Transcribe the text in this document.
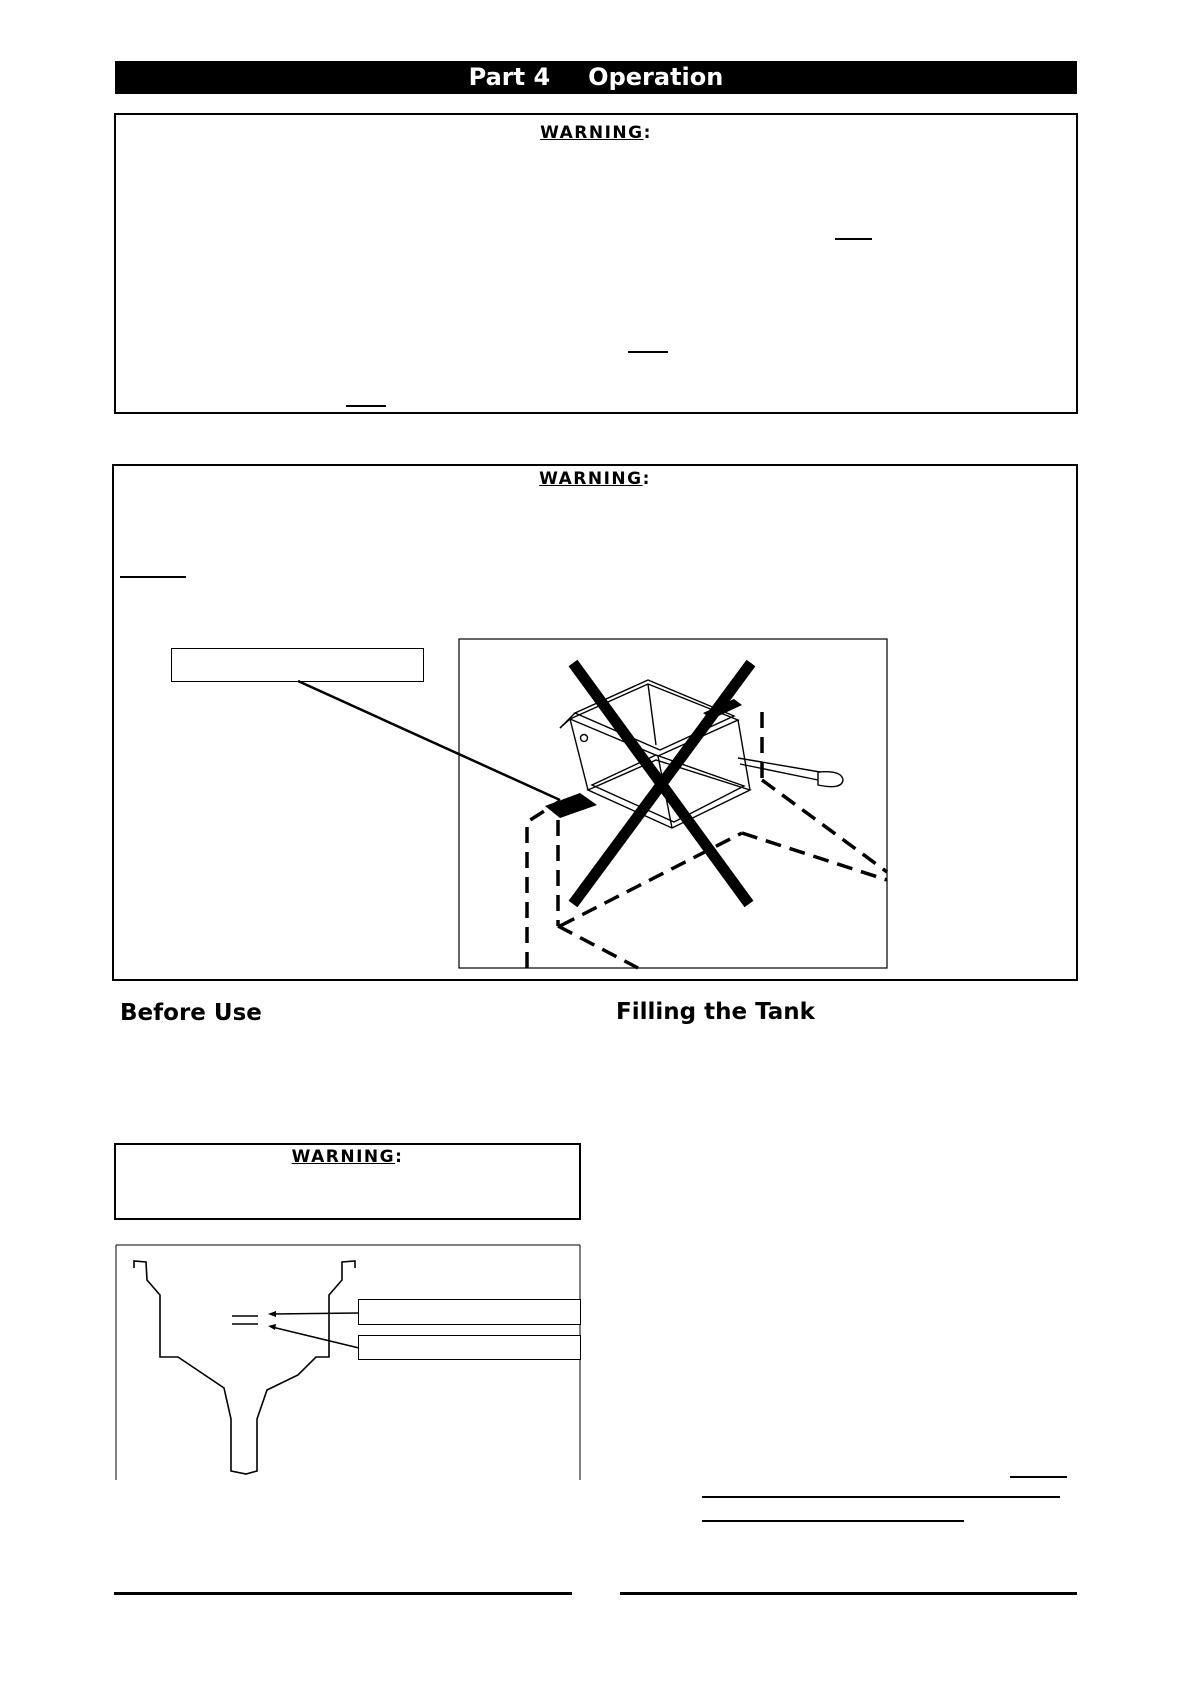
Part 4 Operation
WARNING:
WARNING:
Before Use	Filling the Tank
WARNING:
